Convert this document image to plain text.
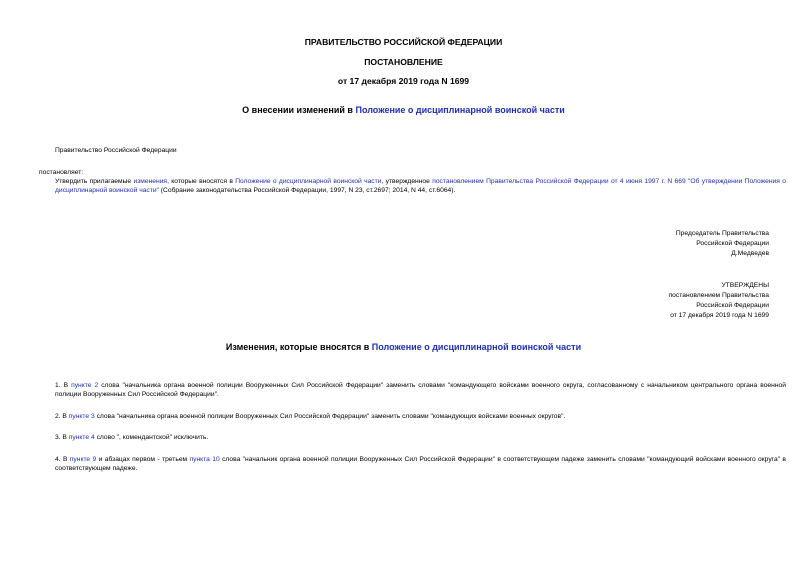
ПРАВИТЕЛЬСТВО РОССИЙСКОЙ ФЕДЕРАЦИИ
ПОСТАНОВЛЕНИЕ
от 17 декабря 2019 года N 1699
О внесении изменений в Положение о дисциплинарной воинской части
Правительство Российской Федерации
постановляет:
Утвердить прилагаемые изменения, которые вносятся в Положение о дисциплинарной воинской части, утвержденное постановлением Правительства Российской Федерации от 4 июня 1997 г. N 669 "Об утверждении Положения о дисциплинарной воинской части" (Собрание законодательства Российской Федерации, 1997, N 23, ст.2697; 2014, N 44, ст.6064).
Председатель Правительства
Российской Федерации
Д.Медведев
УТВЕРЖДЕНЫ
постановлением Правительства
Российской Федерации
от 17 декабря 2019 года N 1699
Изменения, которые вносятся в Положение о дисциплинарной воинской части
1. В пункте 2 слова "начальника органа военной полиции Вооруженных Сил Российской Федерации" заменить словами "командующего войсками военного округа, согласованному с начальником центрального органа военной полиции Вооруженных Сил Российской Федерации".
2. В пункте 3 слова "начальника органа военной полиции Вооруженных Сил Российской Федерации" заменить словами "командующих войсками военных округов".
3. В пункте 4 слово ", комендантской" исключить.
4. В пункте 9 и абзацах первом - третьем пункта 10 слова "начальник органа военной полиции Вооруженных Сил Российской Федерации" в соответствующем падеже заменить словами "командующий войсками военного округа" в соответствующем падеже.
